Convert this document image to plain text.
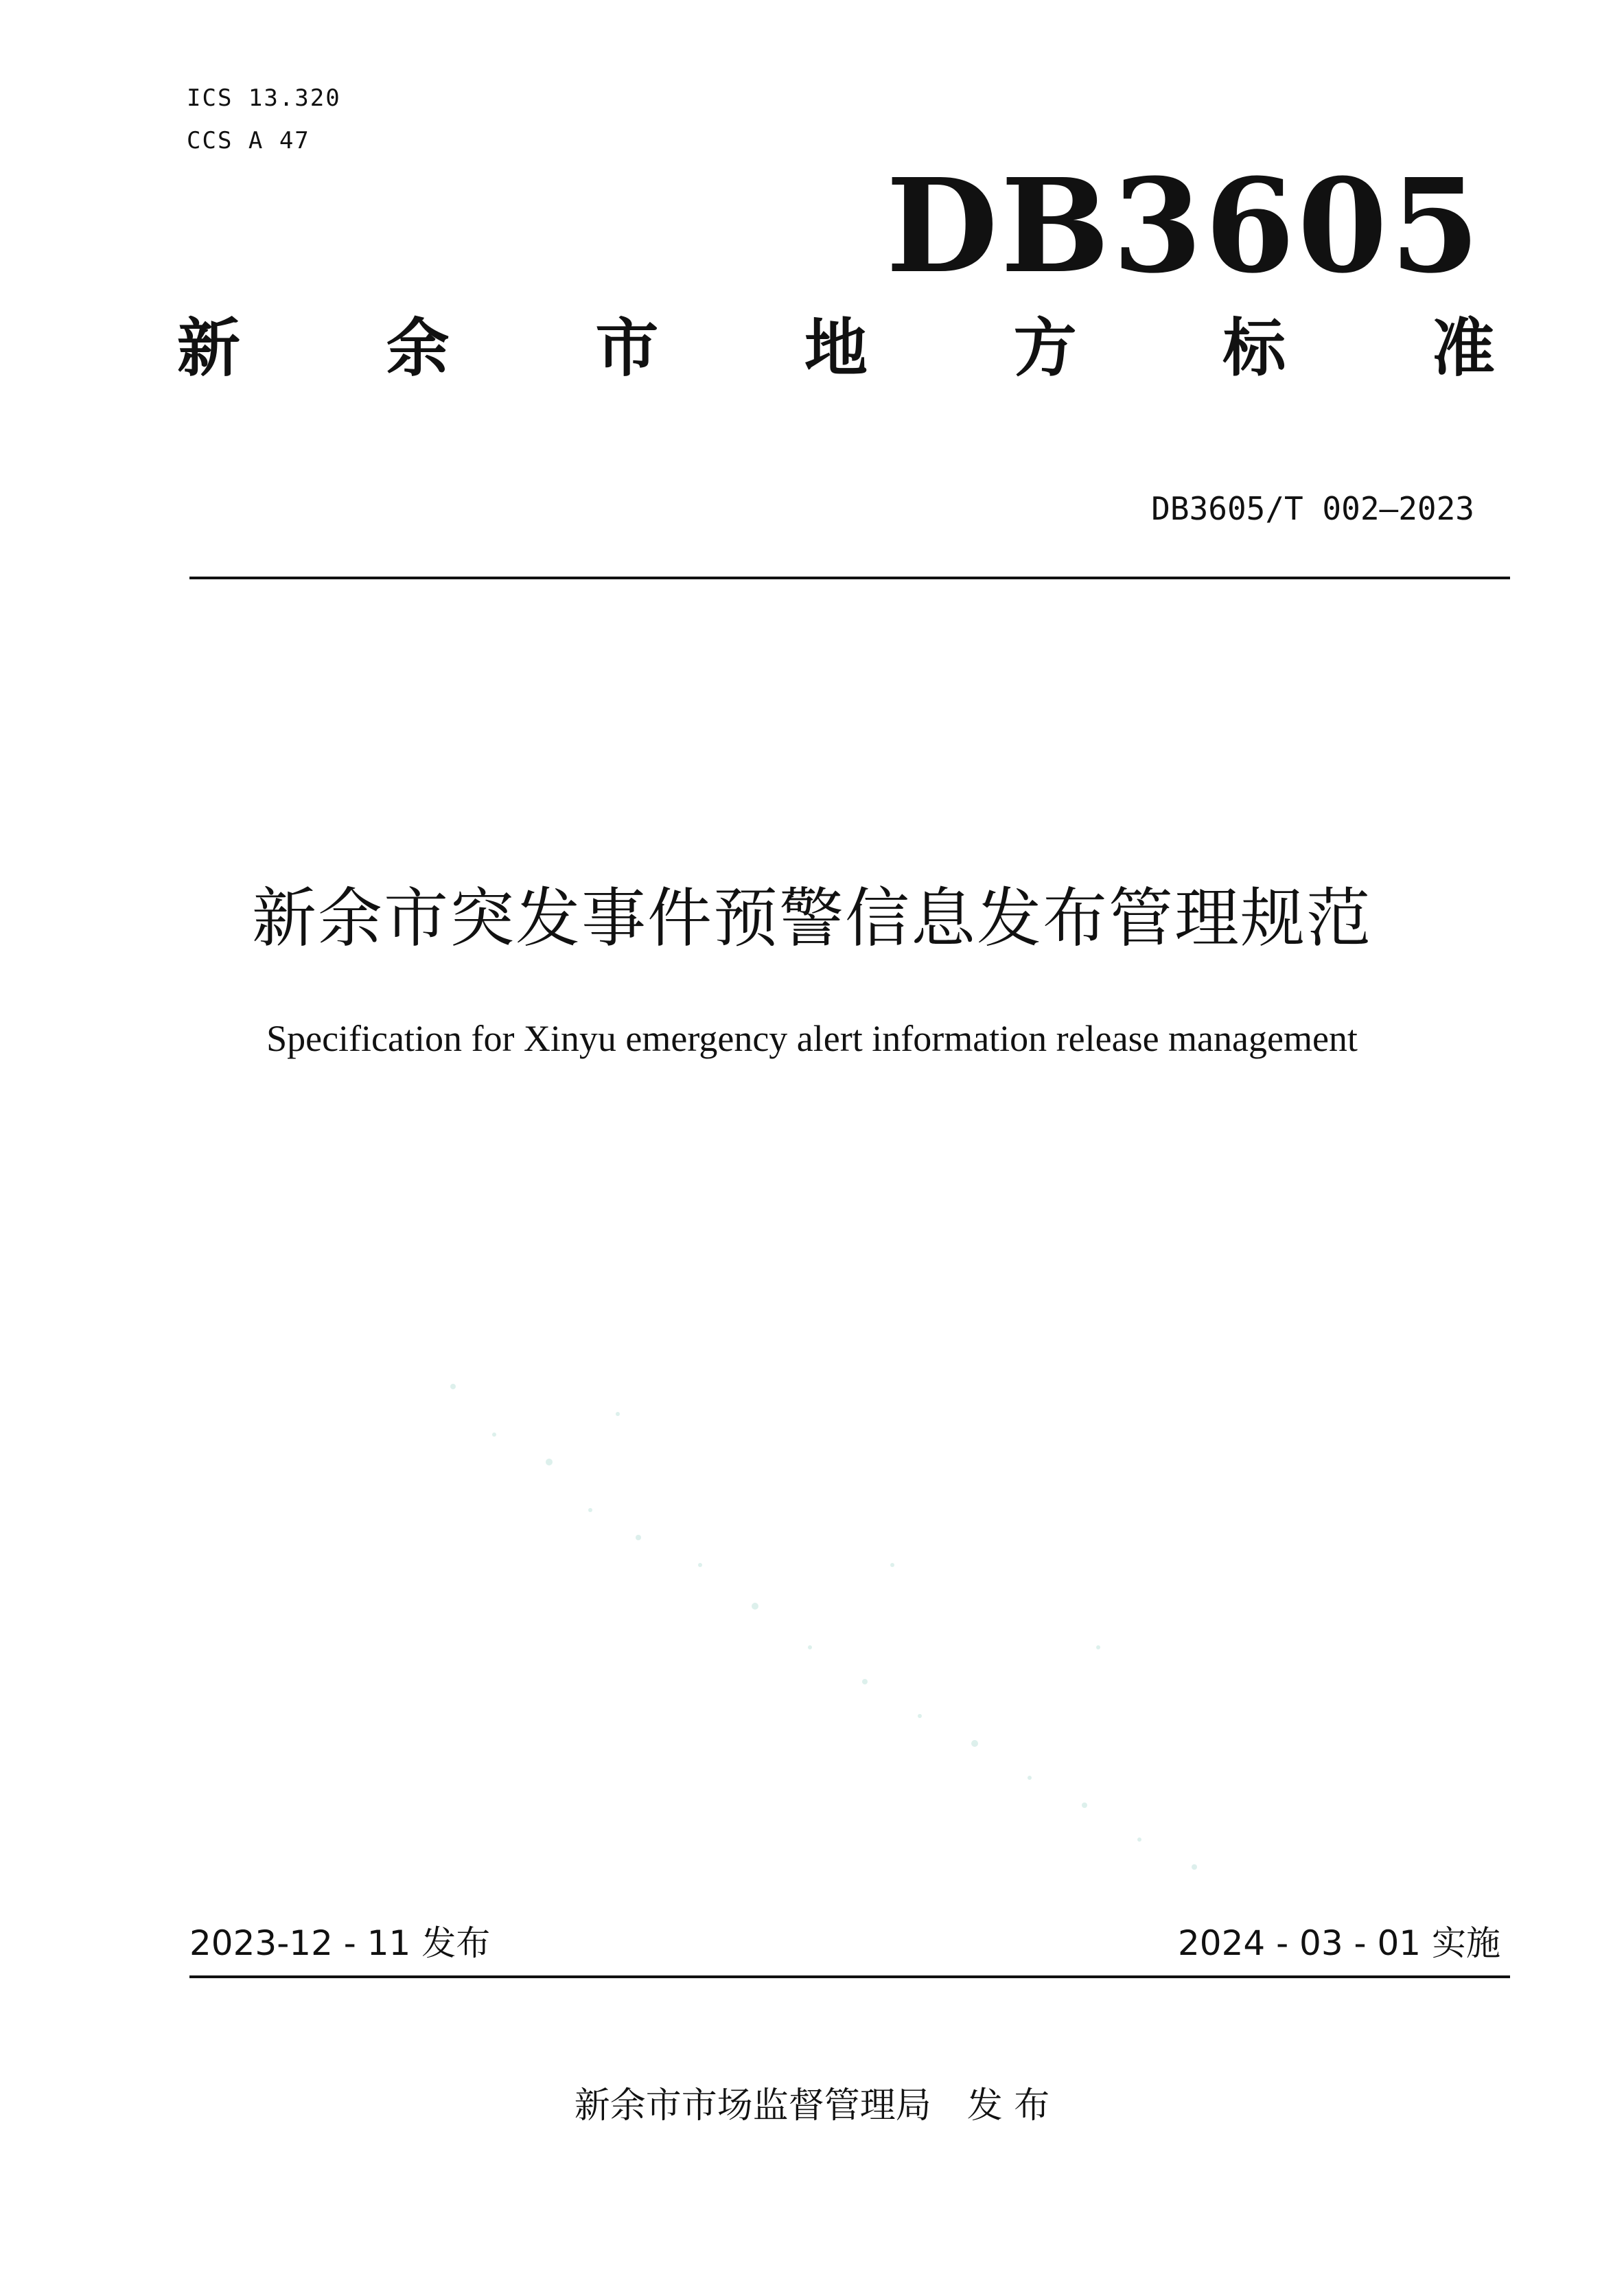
ICS 13.320
CCS A 47
DB3605
新 余 市 地 方 标 准
DB3605/T 002—2023
新余市突发事件预警信息发布管理规范
Specification for Xinyu emergency alert information release management
2023-12 - 11 发布	2024 - 03 - 01 实施
新余市市场监督管理局　发 布
